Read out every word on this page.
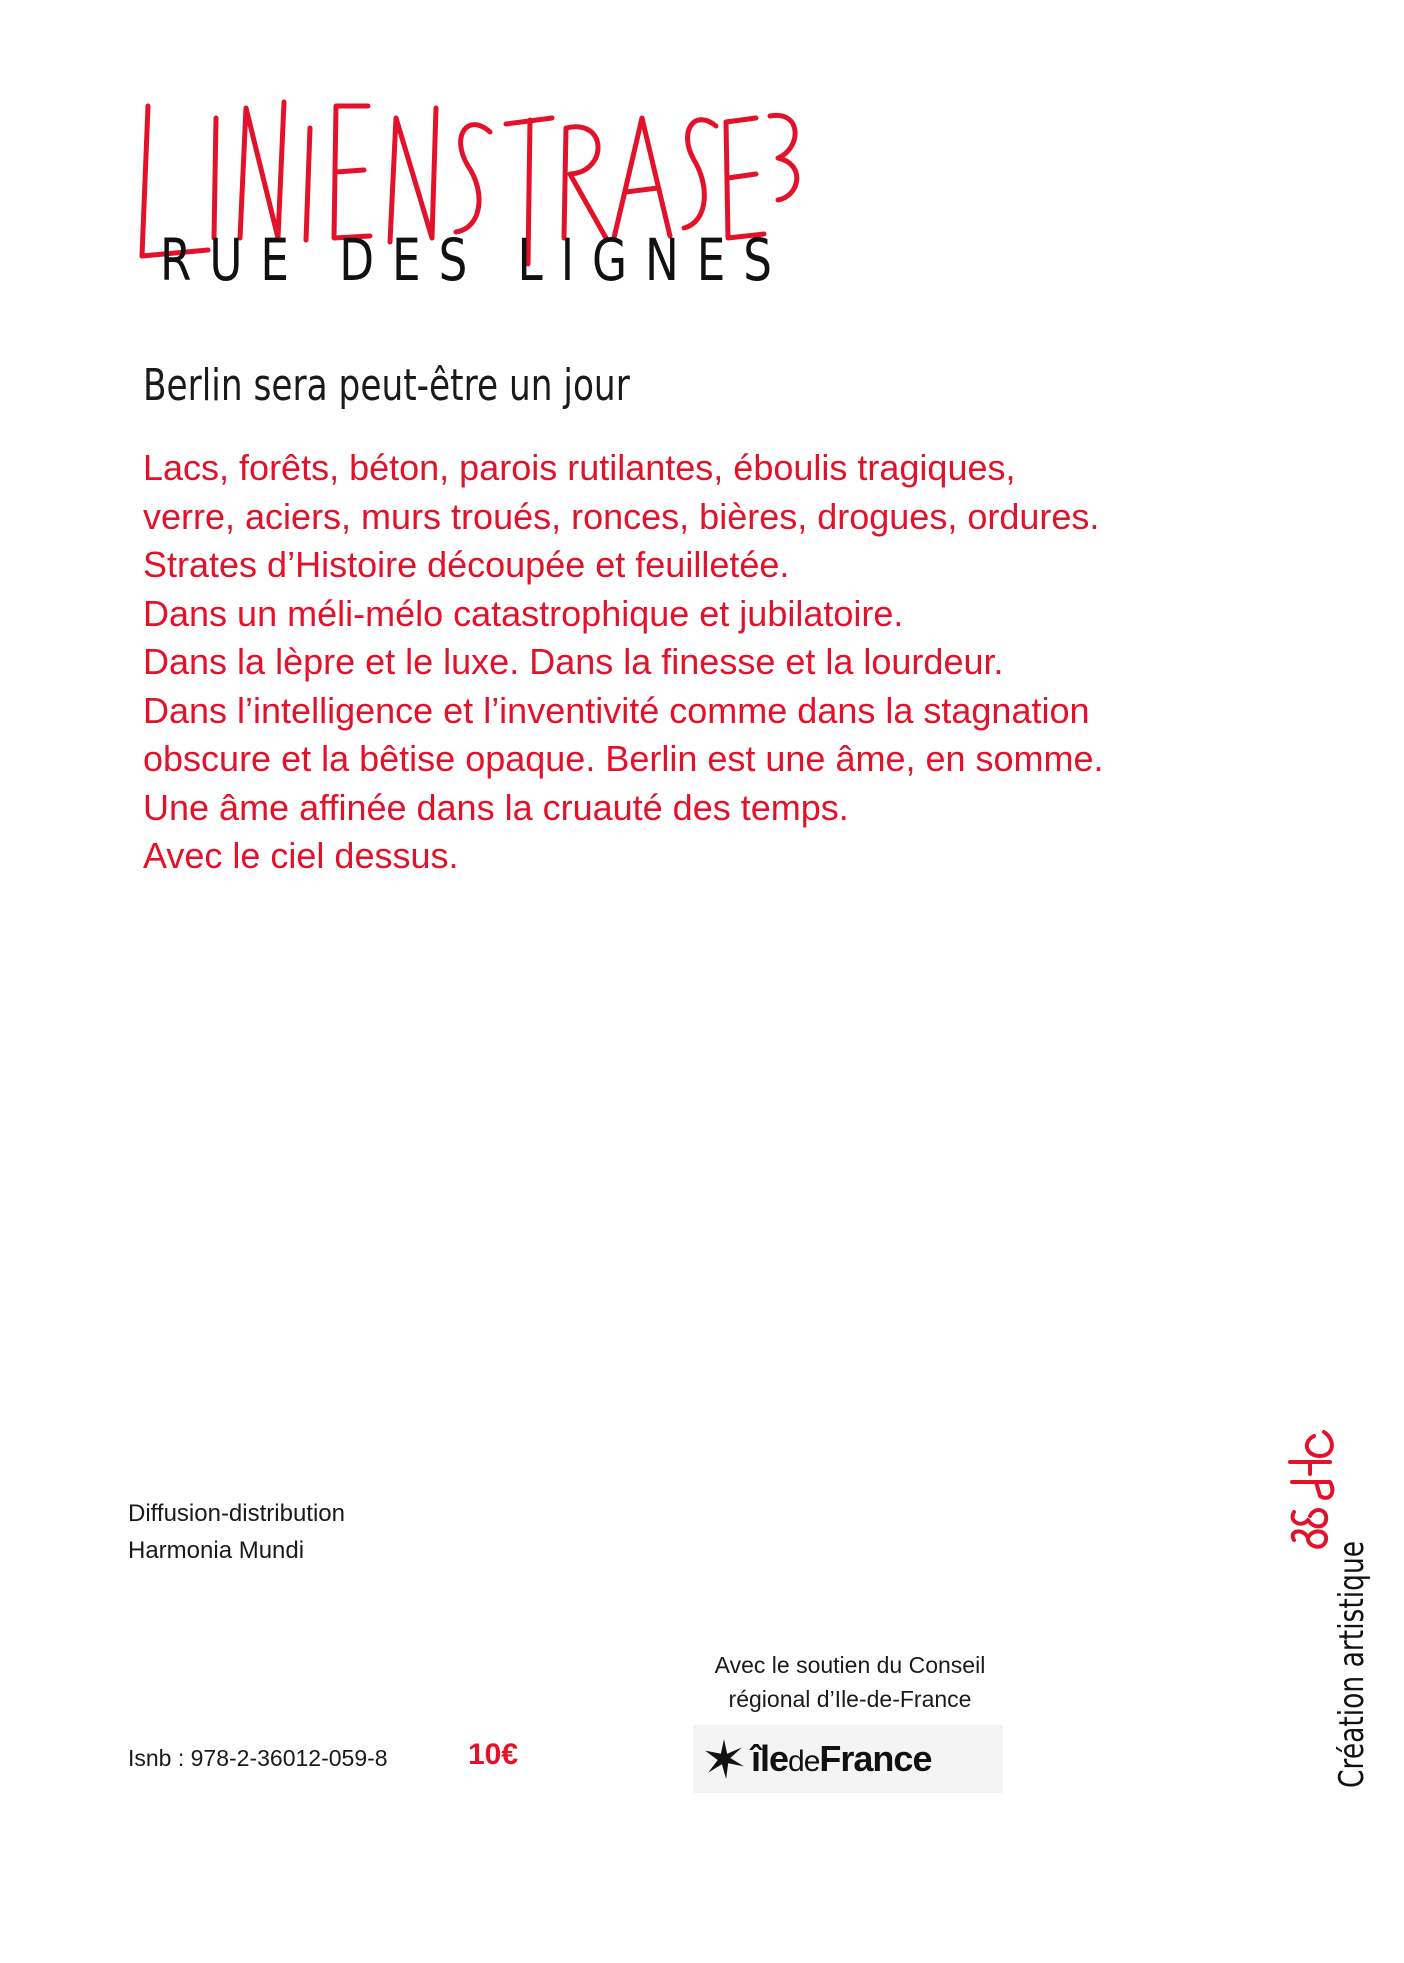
RUE DES LIGNES
Berlin sera peut-être un jour
Lacs, forêts, béton, parois rutilantes, éboulis tragiques,
verre, aciers, murs troués, ronces, bières, drogues, ordures.
Strates d’Histoire découpée et feuilletée.
Dans un méli-mélo catastrophique et jubilatoire.
Dans la lèpre et le luxe. Dans la finesse et la lourdeur.
Dans l’intelligence et l’inventivité comme dans la stagnation
obscure et la bêtise opaque. Berlin est une âme, en somme.
Une âme affinée dans la cruauté des temps.
Avec le ciel dessus.
Diffusion-distribution
Harmonia Mundi
Isnb : 978-2-36012-059-8	10€
Avec le soutien du Conseil
régional d’Ile-de-France
îledeFrance	Création artistique
